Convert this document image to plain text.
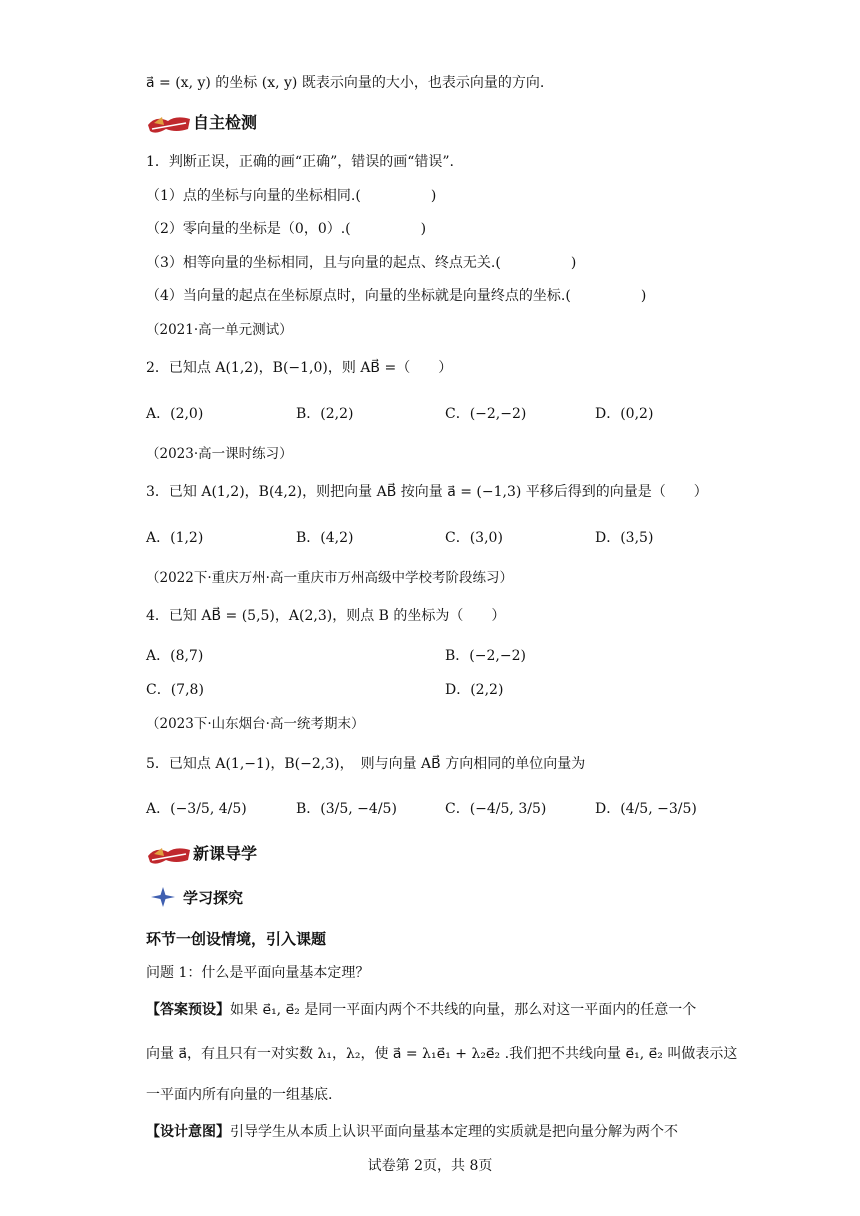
a⃗ = (x, y) 的坐标 (x, y) 既表示向量的大小，也表示向量的方向.
自主检测
1．判断正误，正确的画“正确”，错误的画“错误”.
（1）点的坐标与向量的坐标相同.(　　　　　)
（2）零向量的坐标是（0，0）.(　　　　　)
（3）相等向量的坐标相同，且与向量的起点、终点无关.(　　　　　)
（4）当向量的起点在坐标原点时，向量的坐标就是向量终点的坐标.(　　　　　)
（2021·高一单元测试）
2．已知点 A(1,2)，B(−1,0)，则 AB⃗ =（　　）
A．(2,0)	B．(2,2)	C．(−2,−2)	D．(0,2)
（2023·高一课时练习）
3．已知 A(1,2)，B(4,2)，则把向量 AB⃗ 按向量 a⃗ = (−1,3) 平移后得到的向量是（　　）
A．(1,2)	B．(4,2)	C．(3,0)	D．(3,5)
（2022下·重庆万州·高一重庆市万州高级中学校考阶段练习）
4．已知 AB⃗ = (5,5)，A(2,3)，则点 B 的坐标为（　　）
A．(8,7)	B．(−2,−2)
C．(7,8)	D．(2,2)
（2023下·山东烟台·高一统考期末）
5．已知点 A(1,−1)，B(−2,3)，　则与向量 AB⃗ 方向相同的单位向量为
A．(−3/5, 4/5)	B．(3/5, −4/5)	C．(−4/5, 3/5)	D．(4/5, −3/5)
新课导学
学习探究
环节一创设情境，引入课题
问题 1：什么是平面向量基本定理？
【答案预设】如果 e⃗₁, e⃗₂ 是同一平面内两个不共线的向量，那么对这一平面内的任意一个
向量 a⃗，有且只有一对实数 λ₁，λ₂，使 a⃗ = λ₁e⃗₁ + λ₂e⃗₂ .我们把不共线向量 e⃗₁, e⃗₂ 叫做表示这
一平面内所有向量的一组基底.
【设计意图】引导学生从本质上认识平面向量基本定理的实质就是把向量分解为两个不
试卷第 2页，共 8页
